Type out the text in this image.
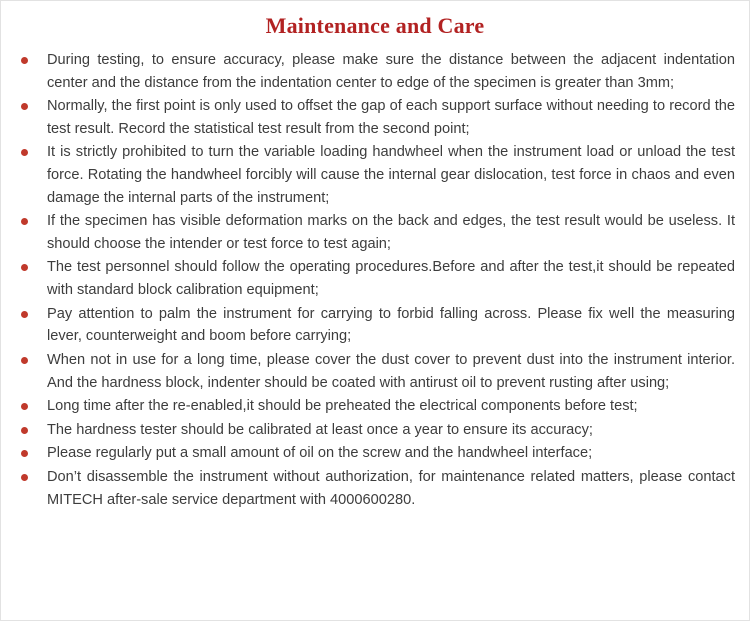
Maintenance and Care
During testing, to ensure accuracy, please make sure the distance between the adjacent indentation center and the distance from the indentation center to edge of the specimen is greater than 3mm;
Normally, the first point is only used to offset the gap of each support surface without needing to record the test result. Record the statistical test result from the second point;
It is strictly prohibited to turn the variable loading handwheel when the instrument load or unload the test force. Rotating the handwheel forcibly will cause the internal gear dislocation, test force in chaos and even damage the internal parts of the instrument;
If the specimen has visible deformation marks on the back and edges, the test result would be useless. It should choose the intender or test force to test again;
The test personnel should follow the operating procedures.Before and after the test,it should be repeated with standard block calibration equipment;
Pay attention to palm the instrument for carrying to forbid falling across. Please fix well the measuring lever, counterweight and boom before carrying;
When not in use for a long time, please cover the dust cover to prevent dust into the instrument interior. And the hardness block, indenter should be coated with antirust oil to prevent rusting after using;
Long time after the re-enabled,it should be preheated the electrical components before test;
The hardness tester should be calibrated at least once a year to ensure its accuracy;
Please regularly put a small amount of oil on the screw and the handwheel interface;
Don’t disassemble the instrument without authorization, for maintenance related matters, please contact MITECH after-sale service department with 4000600280.
